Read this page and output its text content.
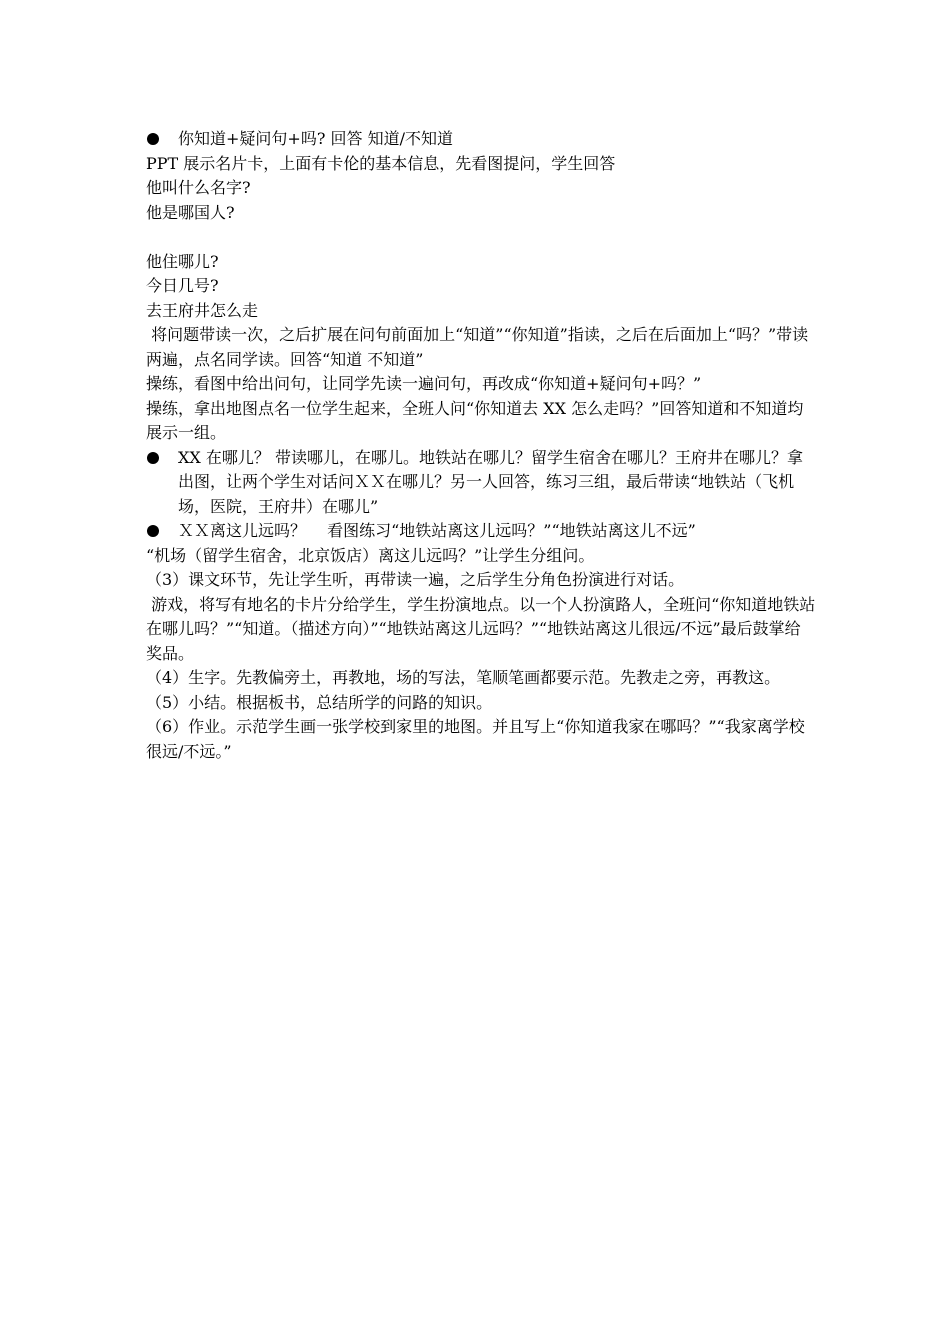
你知道+疑问句+吗? 回答 知道/不知道

PPT 展示名片卡，上面有卡伦的基本信息，先看图提问，学生回答

他叫什么名字?

他是哪国人?

他住哪儿?

今日几号?

去王府井怎么走

将问题带读一次，之后扩展在问句前面加上“知道”“你知道”指读，之后在后面加上“吗？”带读两遍，点名同学读。回答“知道 不知道”

操练，看图中给出问句，让同学先读一遍问句，再改成“你知道+疑问句+吗？”

操练，拿出地图点名一位学生起来，全班人问“你知道去 XX 怎么走吗？”回答知道和不知道均展示一组。

XX 在哪儿？ 带读哪儿，在哪儿。地铁站在哪儿？留学生宿舍在哪儿？王府井在哪儿？拿出图，让两个学生对话问ＸＸ在哪儿？另一人回答，练习三组，最后带读“地铁站（飞机场，医院，王府井）在哪儿”
ＸＸ离这儿远吗？　 看图练习“地铁站离这儿远吗？”“地铁站离这儿不远”

“机场（留学生宿舍，北京饭店）离这儿远吗？”让学生分组问。

（3）课文环节，先让学生听，再带读一遍，之后学生分角色扮演进行对话。

游戏，将写有地名的卡片分给学生，学生扮演地点。以一个人扮演路人，全班问“你知道地铁站在哪儿吗？”“知道。（描述方向）”“地铁站离这儿远吗？”“地铁站离这儿很远/不远”最后鼓掌给奖品。

（4）生字。先教偏旁土，再教地，场的写法，笔顺笔画都要示范。先教走之旁，再教这。

（5）小结。根据板书，总结所学的问路的知识。

（6）作业。示范学生画一张学校到家里的地图。并且写上“你知道我家在哪吗？”“我家离学校很远/不远。”
